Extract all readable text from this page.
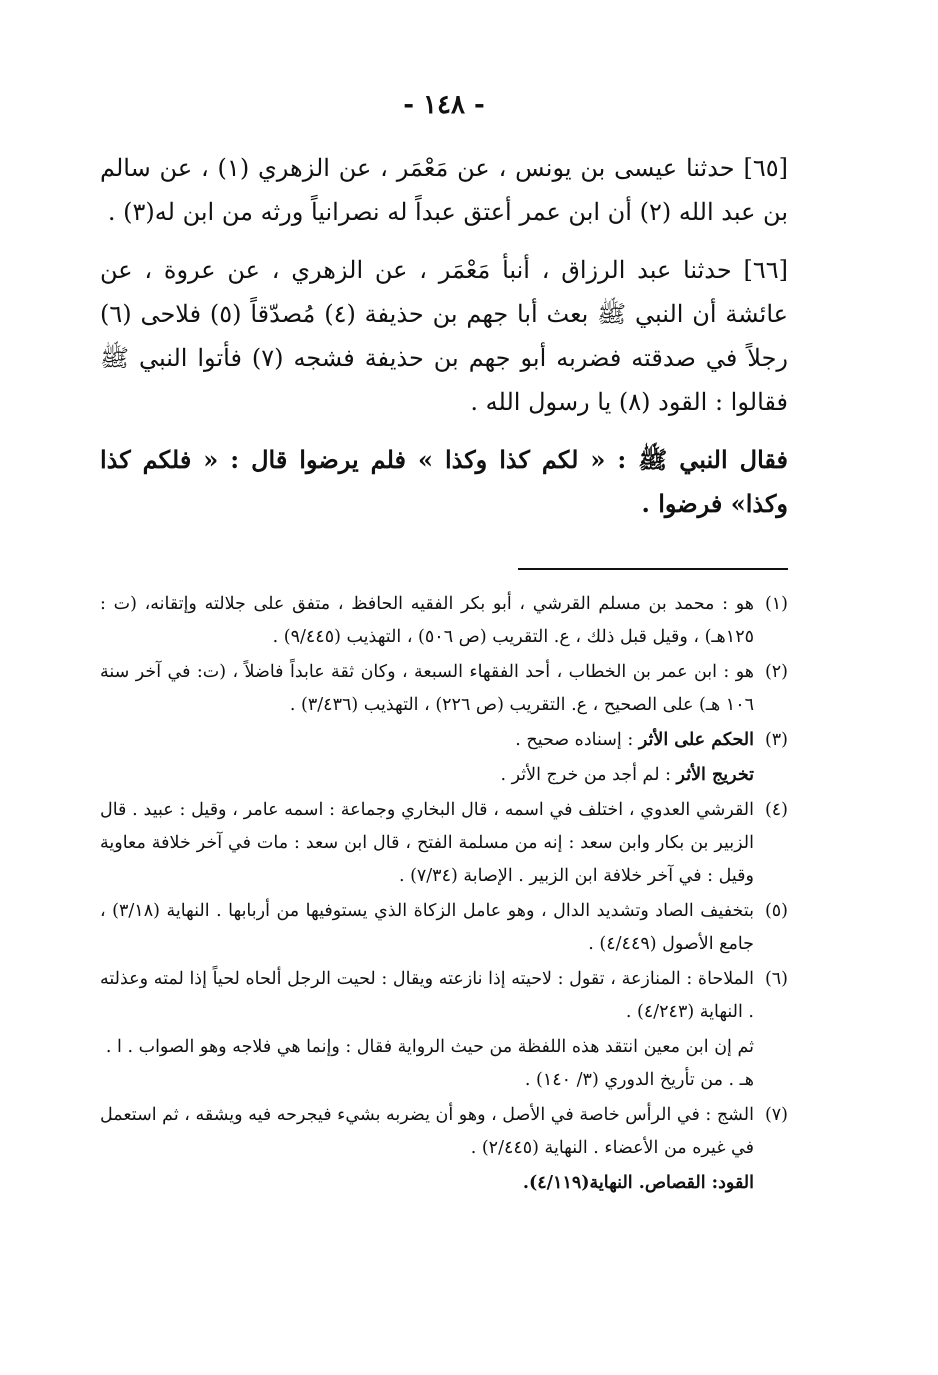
- ١٤٨ -

[٦٥] حدثنا عيسى بن يونس ، عن مَعْمَر ، عن الزهري (١) ، عن سالم بن عبد الله (٢) أن ابن عمر أعتق عبداً له نصرانياً ورثه من ابن له(٣) .

[٦٦] حدثنا عبد الرزاق ، أنبأ مَعْمَر ، عن الزهري ، عن عروة ، عن عائشة أن النبي ﷺ بعث أبا جهم بن حذيفة (٤) مُصدّقاً (٥) فلاحى (٦) رجلاً في صدقته فضربه أبو جهم بن حذيفة فشجه (٧) فأتوا النبي ﷺ فقالوا : القود (٨) يا رسول الله .

فقال النبي ﷺ : « لكم كذا وكذا » فلم يرضوا قال : « فلكم كذا وكذا» فرضوا .

(١)
هو : محمد بن مسلم القرشي ، أبو بكر الفقيه الحافظ ، متفق على جلالته وإتقانه، (ت : ١٢٥هـ) ، وقيل قبل ذلك ، ع. التقريب (ص ٥٠٦) ، التهذيب (٩/٤٤٥) .
(٢)
هو : ابن عمر بن الخطاب ، أحد الفقهاء السبعة ، وكان ثقة عابداً فاضلاً ، (ت: في آخر سنة ١٠٦ هـ) على الصحيح ، ع. التقريب (ص ٢٢٦) ، التهذيب (٣/٤٣٦) .
(٣)
الحكم على الأثر : إسناده صحيح .
تخريج الأثر : لم أجد من خرج الأثر .
(٤)
القرشي العدوي ، اختلف في اسمه ، قال البخاري وجماعة : اسمه عامر ، وقيل : عبيد . قال الزبير بن بكار وابن سعد : إنه من مسلمة الفتح ، قال ابن سعد : مات في آخر خلافة معاوية وقيل : في آخر خلافة ابن الزبير . الإصابة (٧/٣٤) .
(٥)
بتخفيف الصاد وتشديد الدال ، وهو عامل الزكاة الذي يستوفيها من أربابها . النهاية (٣/١٨) ، جامع الأصول (٤/٤٤٩) .
(٦)
الملاحاة : المنازعة ، تقول : لاحيته إذا نازعته ويقال : لحيت الرجل ألحاه لحياً إذا لمته وعذلته . النهاية (٤/٢٤٣) .
ثم إن ابن معين انتقد هذه اللفظة من حيث الرواية فقال : وإنما هي فلاجه وهو الصواب . ا . هـ . من تأريخ الدوري (٣/ ١٤٠) .
(٧)
الشج : في الرأس خاصة في الأصل ، وهو أن يضربه بشيء فيجرحه فيه ويشقه ، ثم استعمل في غيره من الأعضاء . النهاية (٢/٤٤٥) .
القود: القصاص. النهاية(٤/١١٩).
